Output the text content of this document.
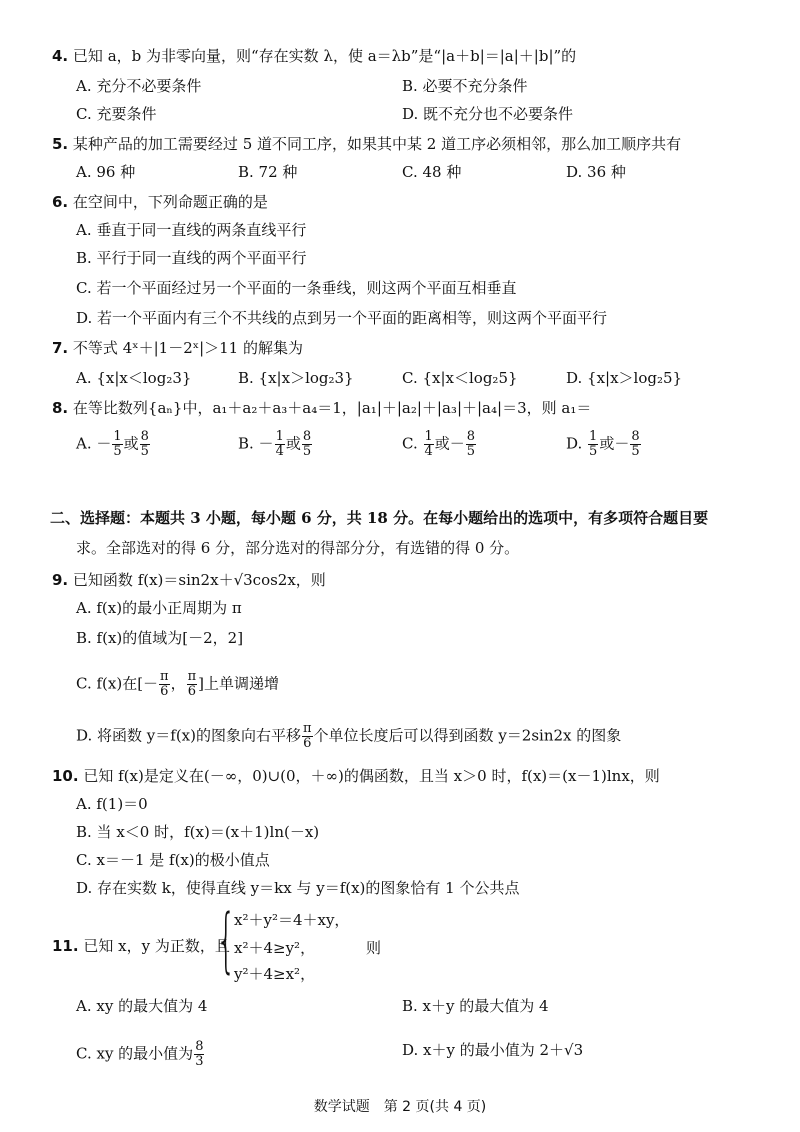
4. 已知 a，b 为非零向量，则“存在实数 λ，使 a＝λb”是“|a＋b|＝|a|＋|b|”的
A. 充分不必要条件	B. 必要不充分条件
C. 充要条件	D. 既不充分也不必要条件
5. 某种产品的加工需要经过 5 道不同工序，如果其中某 2 道工序必须相邻，那么加工顺序共有
A. 96 种	B. 72 种	C. 48 种	D. 36 种
6. 在空间中，下列命题正确的是
A. 垂直于同一直线的两条直线平行
B. 平行于同一直线的两个平面平行
C. 若一个平面经过另一个平面的一条垂线，则这两个平面互相垂直
D. 若一个平面内有三个不共线的点到另一个平面的距离相等，则这两个平面平行
7. 不等式 4ˣ＋|1－2ˣ|＞11 的解集为
A. {x|x＜log₂3}	B. {x|x＞log₂3}	C. {x|x＜log₂5}	D. {x|x＞log₂5}
8. 在等比数列{aₙ}中，a₁＋a₂＋a₃＋a₄＝1，|a₁|＋|a₂|＋|a₃|＋|a₄|＝3，则 a₁＝
A. － $\frac{1}{5}$ 或 $\frac{8}{5}$	B. － $\frac{1}{4}$ 或 $\frac{8}{5}$	C. $\frac{1}{4}$ 或－ $\frac{8}{5}$	D. $\frac{1}{5}$ 或－ $\frac{8}{5}$
二、选择题：本题共 3 小题，每小题 6 分，共 18 分。在每小题给出的选项中，有多项符合题目要
求。全部选对的得 6 分，部分选对的得部分分，有选错的得 0 分。
9. 已知函数 f(x)＝sin2x＋√3cos2x，则
A. f(x)的最小正周期为 π
B. f(x)的值域为[－2，2]
C. f(x)在[－ $\frac{\pi}{6}$ ， $\frac{\pi}{6}$ ]上单调递增
D. 将函数 y＝f(x)的图象向右平移 $\frac{\pi}{6}$ 个单位长度后可以得到函数 y＝2sin2x 的图象
10. 已知 f(x)是定义在(－∞，0)∪(0，＋∞)的偶函数，且当 x＞0 时，f(x)＝(x－1)lnx，则
A. f(1)＝0
B. 当 x＜0 时，f(x)＝(x＋1)ln(－x)
C. x＝－1 是 f(x)的极小值点
D. 存在实数 k，使得直线 y＝kx 与 y＝f(x)的图象恰有 1 个公共点
11. 已知 x，y 为正数，且
{
x²＋y²＝4＋xy，
x²＋4≥y²，
y²＋4≥x²，
则
A. xy 的最大值为 4	B. x＋y 的最大值为 4
C. xy 的最小值为 $\frac{8}{3}$	D. x＋y 的最小值为 2＋√3
数学试题　第 2 页(共 4 页)
